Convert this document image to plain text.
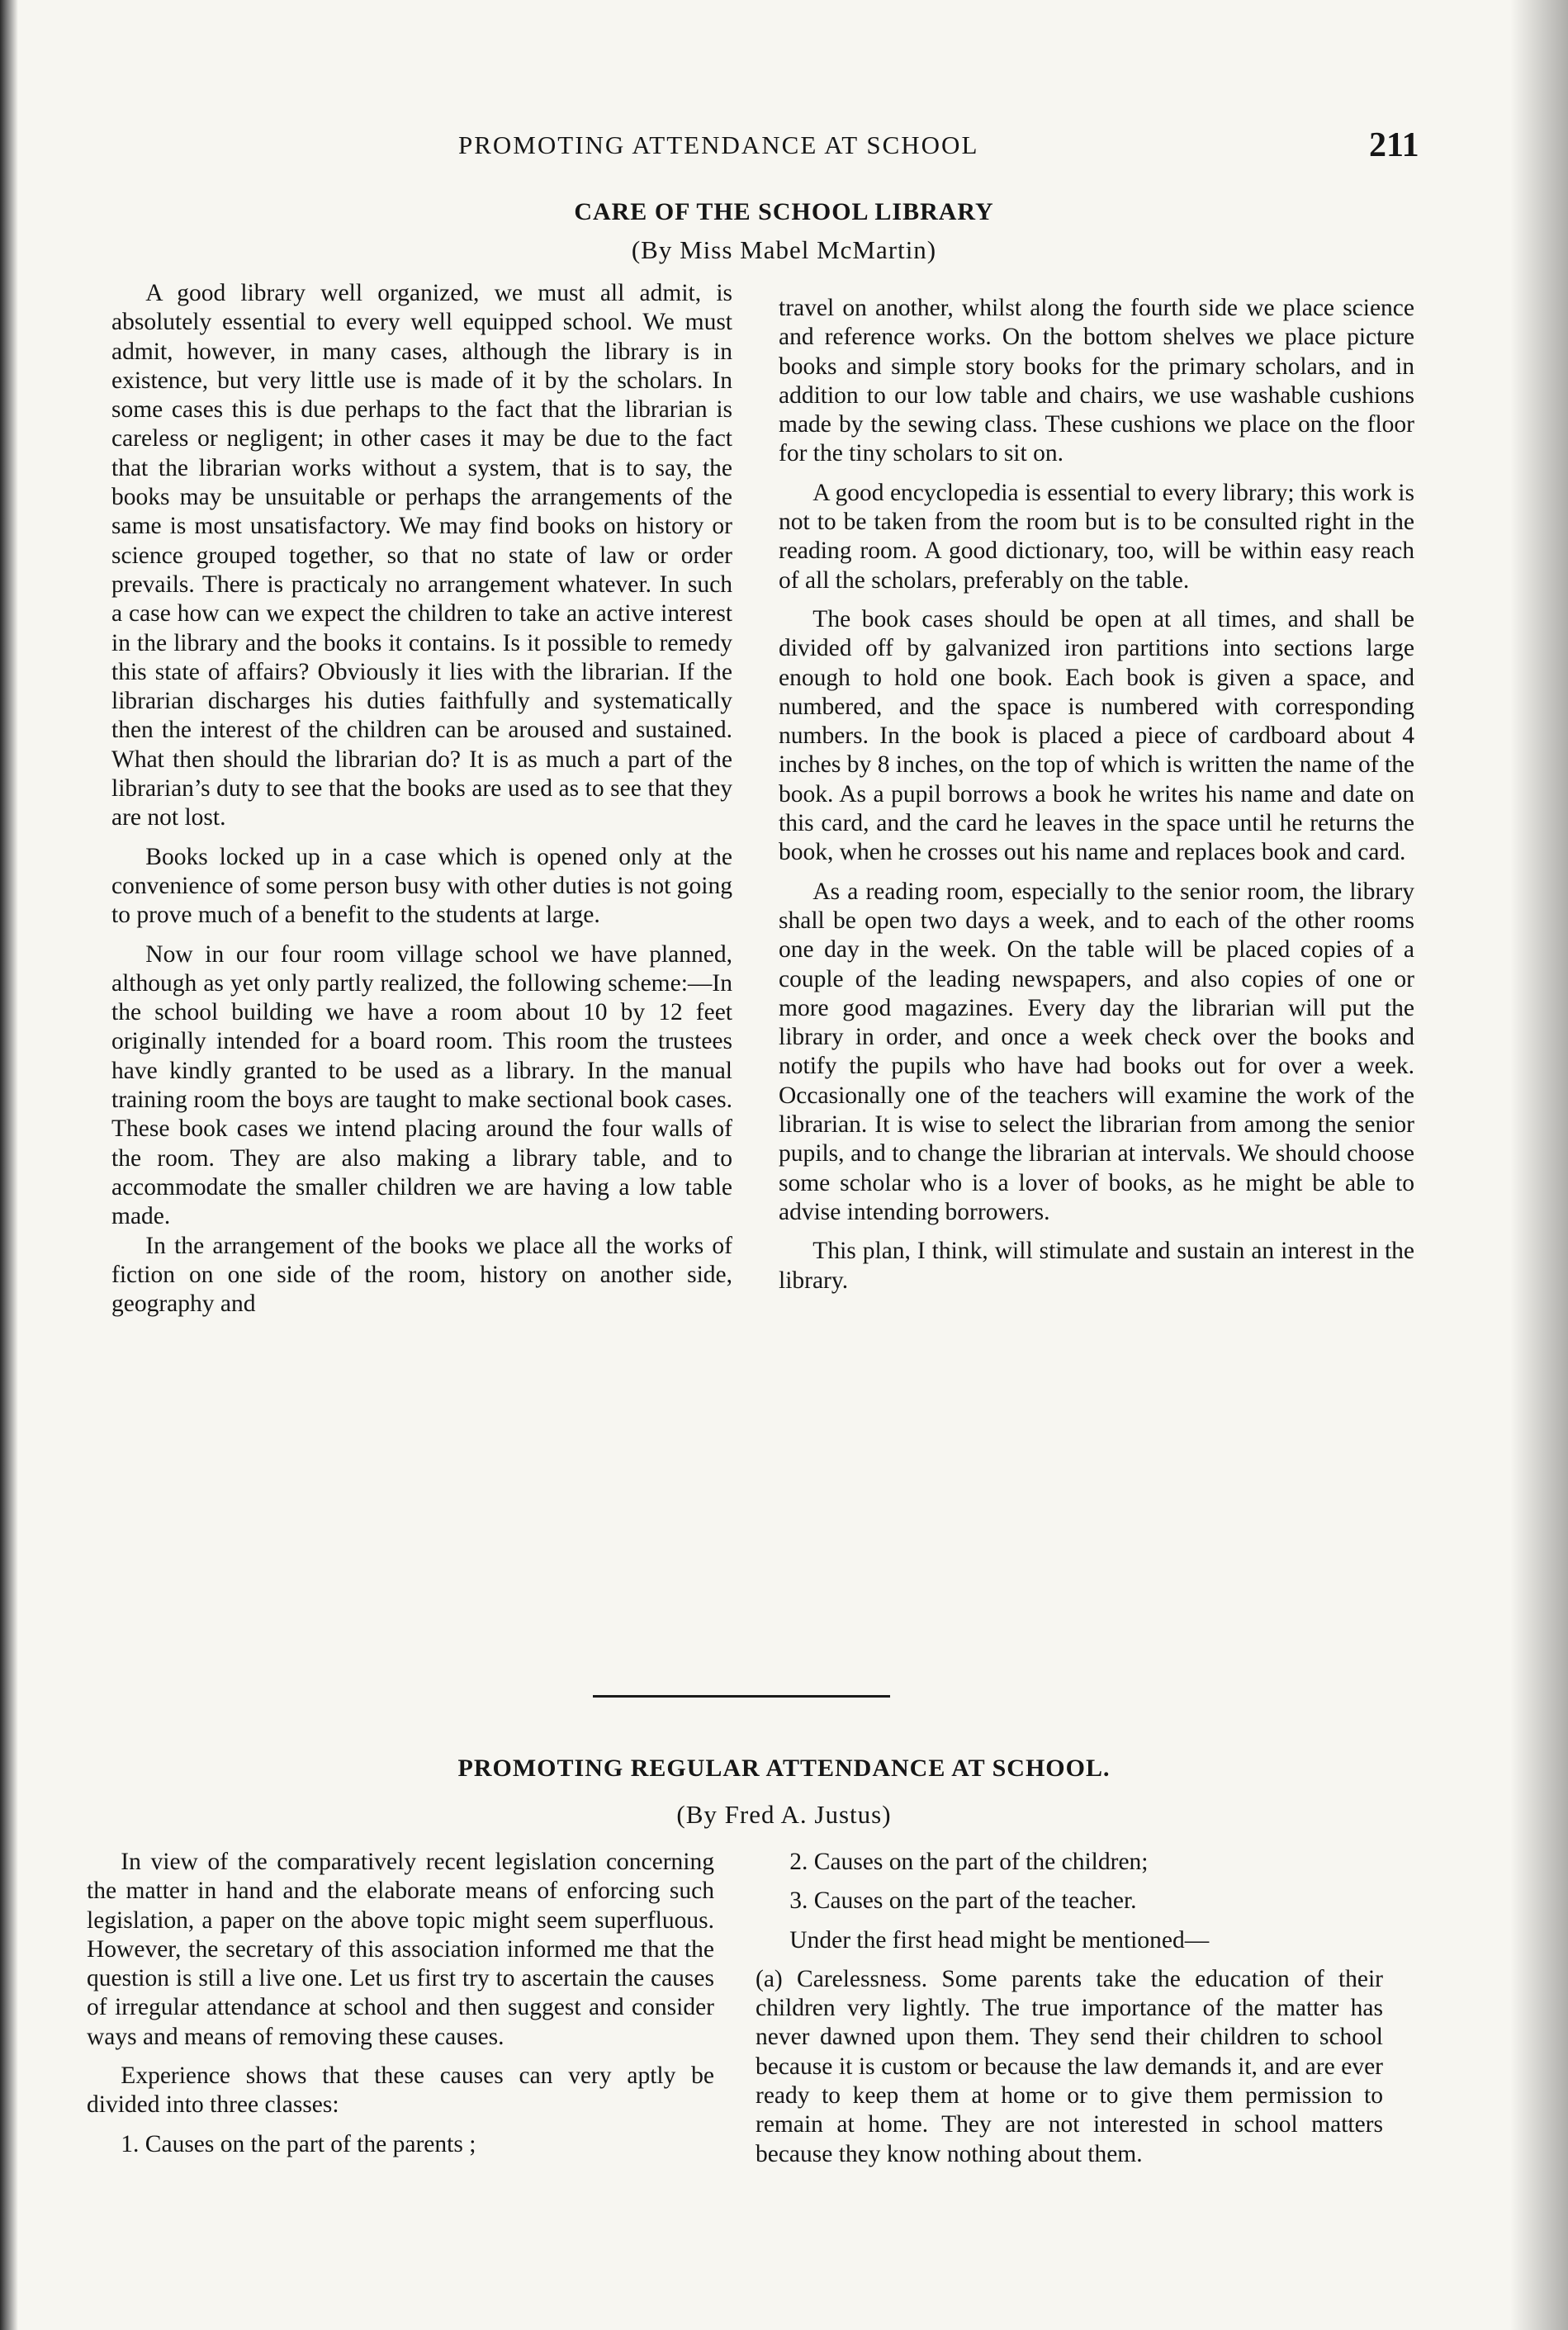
PROMOTING ATTENDANCE AT SCHOOL	211
CARE OF THE SCHOOL LIBRARY
(By Miss Mabel McMartin)

A good library well organized, we must all admit, is absolutely essential to every well equipped school. We must admit, however, in many cases, although the library is in existence, but very little use is made of it by the scholars. In some cases this is due perhaps to the fact that the librarian is careless or negligent; in other cases it may be due to the fact that the librarian works without a system, that is to say, the books may be unsuitable or perhaps the arrangements of the same is most unsatisfactory. We may find books on history or science grouped together, so that no state of law or order prevails. There is practicaly no arrangement whatever. In such a case how can we expect the children to take an active interest in the library and the books it contains. Is it possible to remedy this state of affairs? Obviously it lies with the librarian. If the librarian discharges his duties faithfully and systematically then the interest of the children can be aroused and sustained. What then should the librarian do? It is as much a part of the librarian’s duty to see that the books are used as to see that they are not lost.

Books locked up in a case which is opened only at the convenience of some person busy with other duties is not going to prove much of a benefit to the students at large.

Now in our four room village school we have planned, although as yet only partly realized, the following scheme:—In the school building we have a room about 10 by 12 feet originally intended for a board room. This room the trustees have kindly granted to be used as a library. In the manual training room the boys are taught to make sectional book cases. These book cases we intend placing around the four walls of the room. They are also making a library table, and to accommodate the smaller children we are having a low table made.

In the arrangement of the books we place all the works of fiction on one side of the room, history on another side, geography and

travel on another, whilst along the fourth side we place science and reference works. On the bottom shelves we place picture books and simple story books for the primary scholars, and in addition to our low table and chairs, we use washable cushions made by the sewing class. These cushions we place on the floor for the tiny scholars to sit on.

A good encyclopedia is essential to every library; this work is not to be taken from the room but is to be consulted right in the reading room. A good dictionary, too, will be within easy reach of all the scholars, preferably on the table.

The book cases should be open at all times, and shall be divided off by galvanized iron partitions into sections large enough to hold one book. Each book is given a space, and numbered, and the space is numbered with corresponding numbers. In the book is placed a piece of cardboard about 4 inches by 8 inches, on the top of which is written the name of the book. As a pupil borrows a book he writes his name and date on this card, and the card he leaves in the space until he returns the book, when he crosses out his name and replaces book and card.

As a reading room, especially to the senior room, the library shall be open two days a week, and to each of the other rooms one day in the week. On the table will be placed copies of a couple of the leading newspapers, and also copies of one or more good magazines. Every day the librarian will put the library in order, and once a week check over the books and notify the pupils who have had books out for over a week. Occasionally one of the teachers will examine the work of the librarian. It is wise to select the librarian from among the senior pupils, and to change the librarian at intervals. We should choose some scholar who is a lover of books, as he might be able to advise intending borrowers.

This plan, I think, will stimulate and sustain an interest in the library.

PROMOTING REGULAR ATTENDANCE AT SCHOOL.
(By Fred A. Justus)

In view of the comparatively recent legislation concerning the matter in hand and the elaborate means of enforcing such legislation, a paper on the above topic might seem superfluous. However, the secretary of this association informed me that the question is still a live one. Let us first try to ascertain the causes of irregular attendance at school and then suggest and consider ways and means of removing these causes.

Experience shows that these causes can very aptly be divided into three classes:

1. Causes on the part of the parents ;

2. Causes on the part of the children;

3. Causes on the part of the teacher.

Under the first head might be mentioned—

(a) Carelessness. Some parents take the education of their children very lightly. The true importance of the matter has never dawned upon them. They send their children to school because it is custom or because the law demands it, and are ever ready to keep them at home or to give them permission to remain at home. They are not interested in school matters because they know nothing about them.
